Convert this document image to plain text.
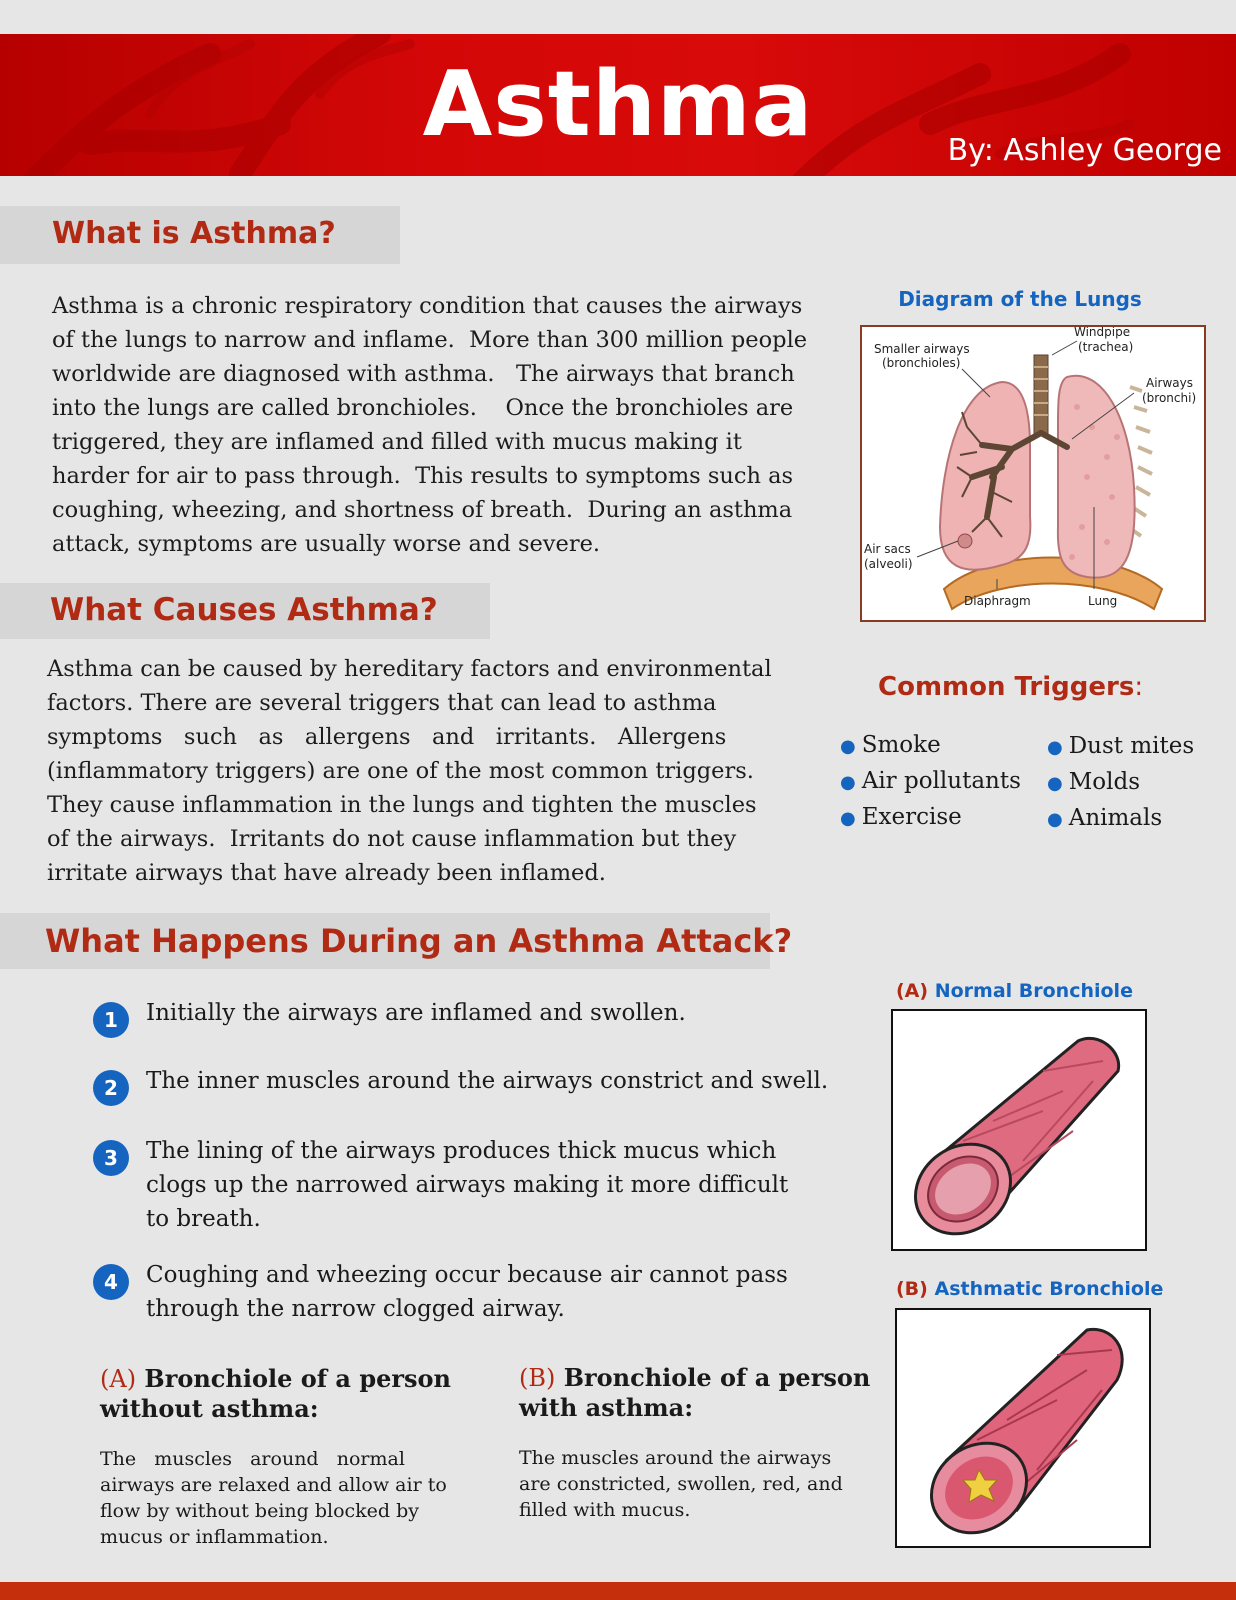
Asthma	By: Ashley George
What is Asthma?
Asthma is a chronic respiratory condition that causes the airways
of the lungs to narrow and inflame.  More than 300 million people
worldwide are diagnosed with asthma.   The airways that branch
into the lungs are called bronchioles.    Once the bronchioles are
triggered, they are inflamed and filled with mucus making it
harder for air to pass through.  This results to symptoms such as
coughing, wheezing, and shortness of breath.  During an asthma
attack, symptoms are usually worse and severe.
Diagram of the Lungs
Windpipe
(trachea)
Smaller airways
(bronchioles)
Airways
(bronchi)
Air sacs
(alveoli)
Diaphragm	Lung
What Causes Asthma?
Asthma can be caused by hereditary factors and environmental
factors. There are several triggers that can lead to asthma
symptoms   such   as   allergens   and   irritants.   Allergens
(inflammatory triggers) are one of the most common triggers.
They cause inflammation in the lungs and tighten the muscles
of the airways.  Irritants do not cause inflammation but they
irritate airways that have already been inflamed.
Common Triggers:
● Smoke
● Air pollutants
● Exercise
● Dust mites
● Molds
● Animals
What Happens During an Asthma Attack?
1	Initially the airways are inflamed and swollen.
2	The inner muscles around the airways constrict and swell.
3	The lining of the airways produces thick mucus which
clogs up the narrowed airways making it more difficult
to breath.
4	Coughing and wheezing occur because air cannot pass
through the narrow clogged airway.
(A) Normal Bronchiole
(B) Asthmatic Bronchiole
(A) Bronchiole of a person
without asthma:
The   muscles   around   normal
airways are relaxed and allow air to
flow by without being blocked by
mucus or inflammation.
(B) Bronchiole of a person
with asthma:
The muscles around the airways
are constricted, swollen, red, and
filled with mucus.
